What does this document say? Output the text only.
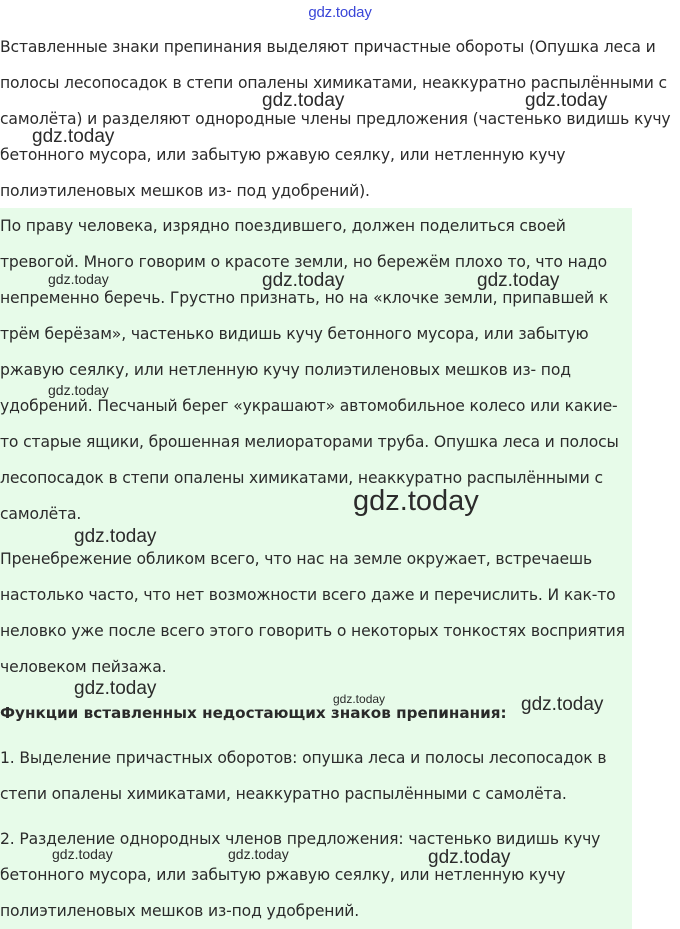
gdz.today

Вставленные знаки препинания выделяют причастные обороты (Опушка леса и полосы лесопосадок в степи опалены химикатами, неаккуратно распылёнными с самолёта) и разделяют однородные члены предложения (частенько видишь кучу бетонного мусора, или забытую ржавую сеялку, или нетленную кучу полиэтиленовых мешков из- под удобрений).

По праву человека, изрядно поездившего, должен поделиться своей тревогой. Много говорим о красоте земли, но бережём плохо то, что надо непременно беречь. Грустно признать, но на «клочке земли, припавшей к трём берёзам», частенько видишь кучу бетонного мусора, или забытую ржавую сеялку, или нетленную кучу полиэтиленовых мешков из- под удобрений. Песчаный берег «украшают» автомобильное колесо или какие-то старые ящики, брошенная мелиораторами труба. Опушка леса и полосы лесопосадок в степи опалены химикатами, неаккуратно распылёнными с самолёта.

Пренебрежение обликом всего, что нас на земле окружает, встречаешь настолько часто, что нет возможности всего даже и перечислить. И как-то неловко уже после всего этого говорить о некоторых тонкостях восприятия человеком пейзажа.

Функции вставленных недостающих знаков препинания:

1. Выделение причастных оборотов: опушка леса и полосы лесопосадок в степи опалены химикатами, неаккуратно распылёнными с самолёта.

2. Разделение однородных членов предложения: частенько видишь кучу бетонного мусора, или забытую ржавую сеялку, или нетленную кучу полиэтиленовых мешков из-под удобрений.

gdz.today	gdz.today
gdz.today
gdz.today	gdz.today	gdz.today
gdz.today
gdz.today
gdz.today
gdz.today	gdz.today	gdz.today
gdz.today	gdz.today	gdz.today
